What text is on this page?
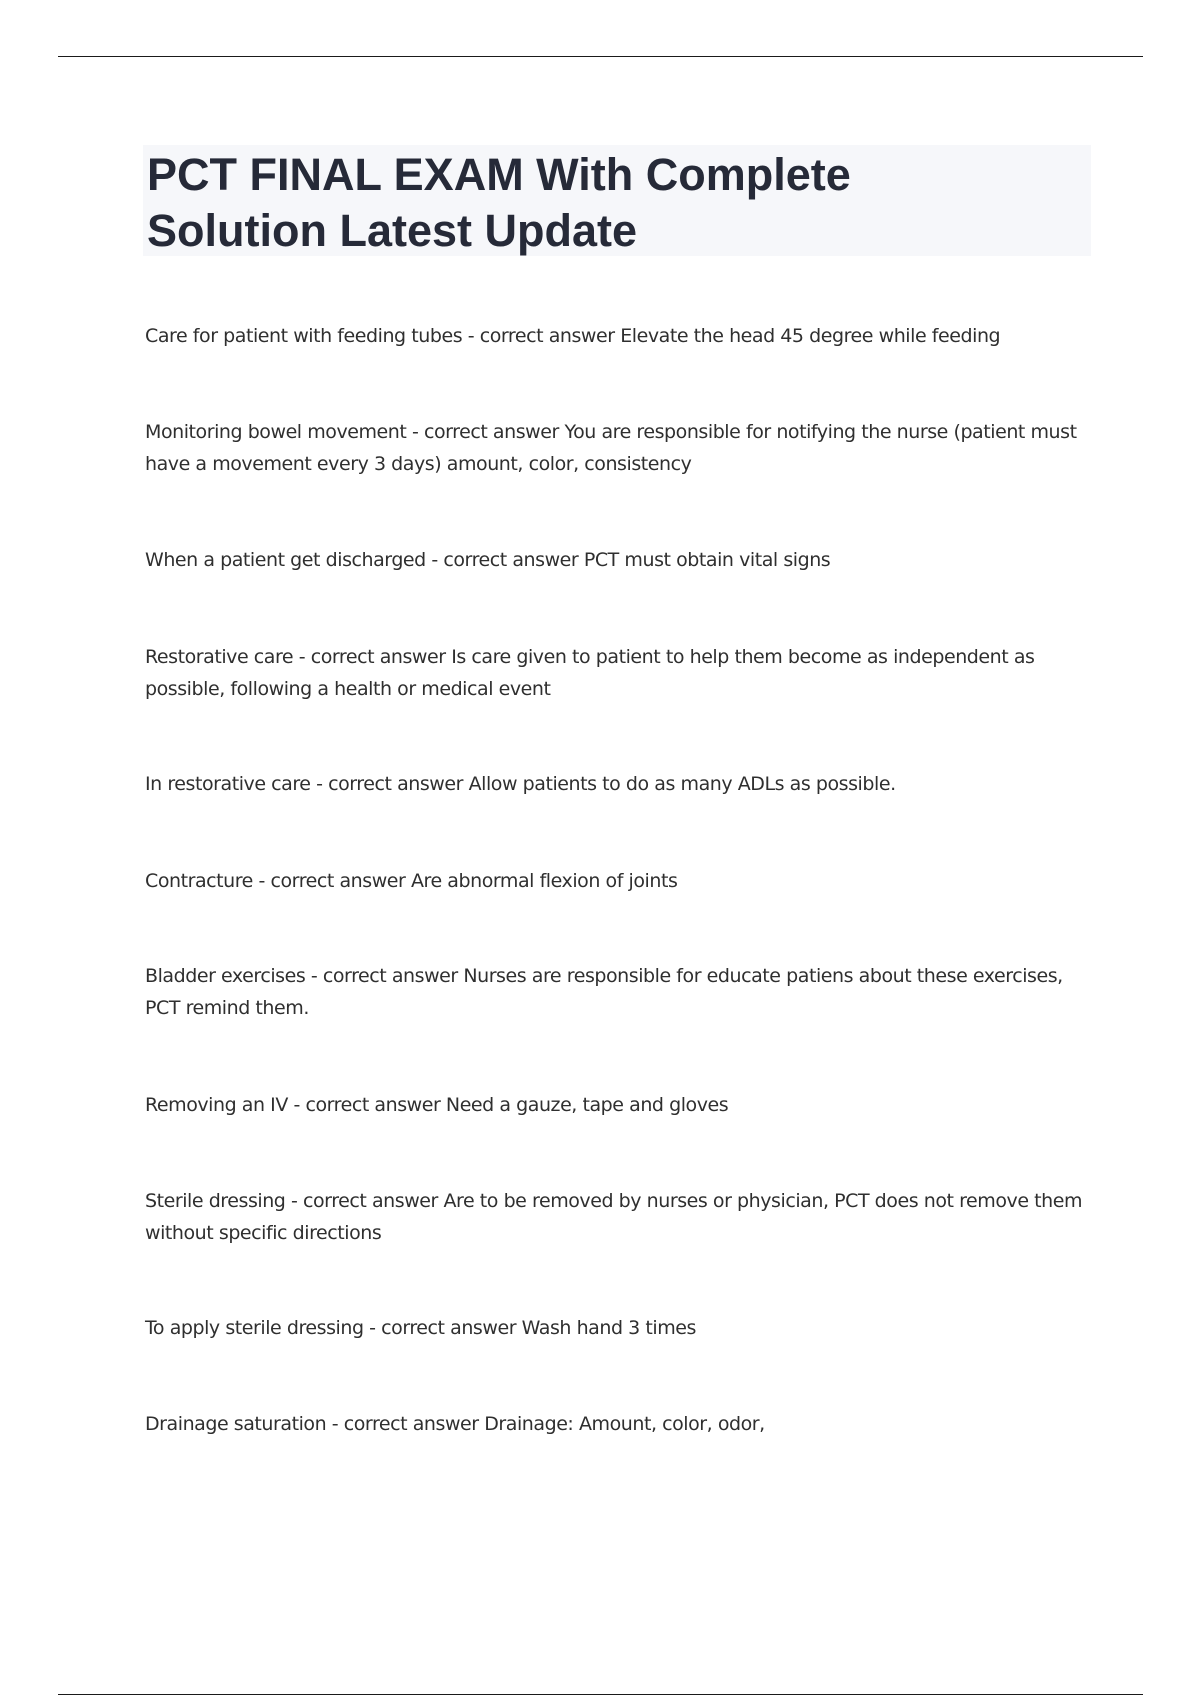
PCT FINAL EXAM With Complete
Solution Latest Update
Care for patient with feeding tubes - correct answer Elevate the head 45 degree while feeding
Monitoring bowel movement - correct answer You are responsible for notifying the nurse (patient must have a movement every 3 days) amount, color, consistency
When a patient get discharged - correct answer PCT must obtain vital signs
Restorative care - correct answer Is care given to patient to help them become as independent as possible, following a health or medical event
In restorative care - correct answer Allow patients to do as many ADLs as possible.
Contracture - correct answer Are abnormal flexion of joints
Bladder exercises - correct answer Nurses are responsible for educate patiens about these exercises, PCT remind them.
Removing an IV - correct answer Need a gauze, tape and gloves
Sterile dressing - correct answer Are to be removed by nurses or physician, PCT does not remove them without specific directions
To apply sterile dressing - correct answer Wash hand 3 times
Drainage saturation - correct answer Drainage: Amount, color, odor,
